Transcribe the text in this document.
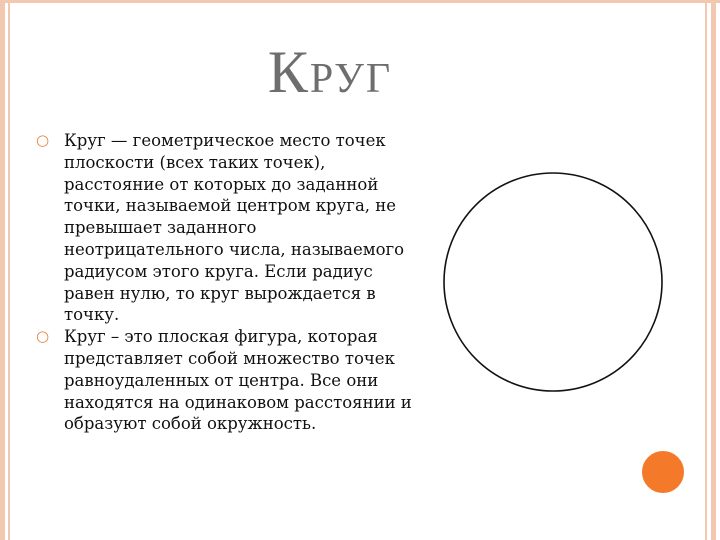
КРУГ
○ Круг — геометрическое место точек плоскости (всех таких точек), расстояние от которых до заданной точки, называемой центром круга, не превышает заданного неотрицательного числа, называемого радиусом этого круга. Если радиус равен нулю, то круг вырождается в точку.
○ Круг – это плоская фигура, которая представляет собой множество точек равноудаленных от центра. Все они находятся на одинаковом расстоянии и образуют собой окружность.
